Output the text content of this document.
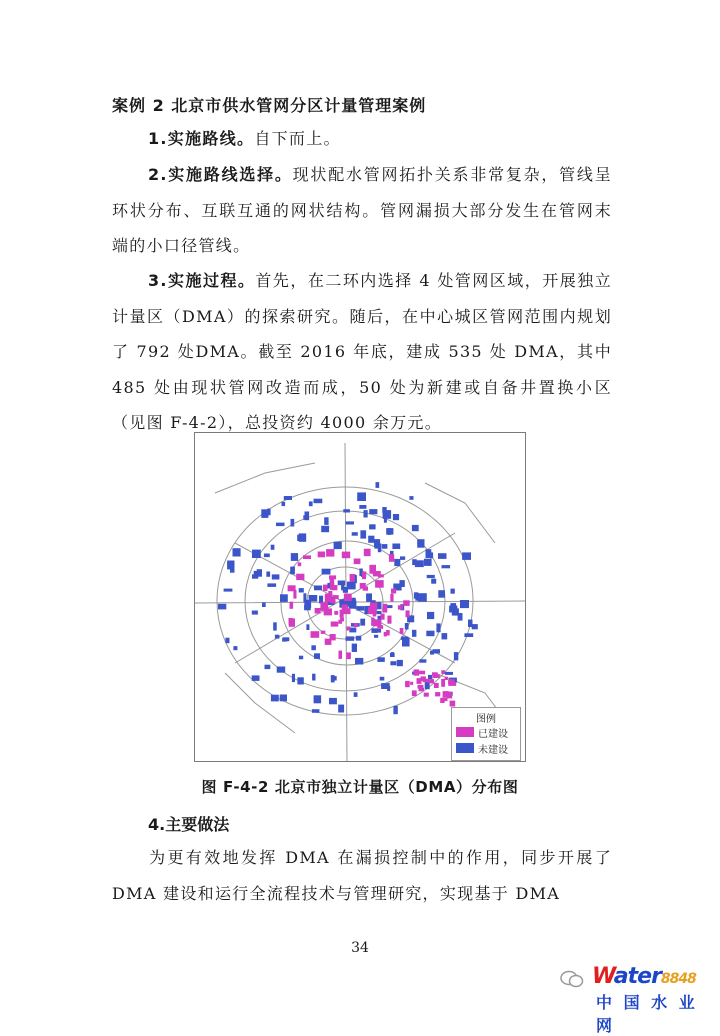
案例 2 北京市供水管网分区计量管理案例
1.实施路线。自下而上。
2.实施路线选择。现状配水管网拓扑关系非常复杂，管线呈环状分布、互联互通的网状结构。管网漏损大部分发生在管网末端的小口径管线。
3.实施过程。首先，在二环内选择 4 处管网区域，开展独立计量区（DMA）的探索研究。随后，在中心城区管网范围内规划了 792 处DMA。截至 2016 年底，建成 535 处 DMA，其中 485 处由现状管网改造而成，50 处为新建或自备井置换小区（见图 F-4-2），总投资约 4000 余万元。
图例
已建设
未建设
图 F-4-2 北京市独立计量区（DMA）分布图
4.主要做法
为更有效地发挥 DMA 在漏损控制中的作用，同步开展了 DMA 建设和运行全流程技术与管理研究，实现基于 DMA
34
Water8848
中 国 水 业 网
